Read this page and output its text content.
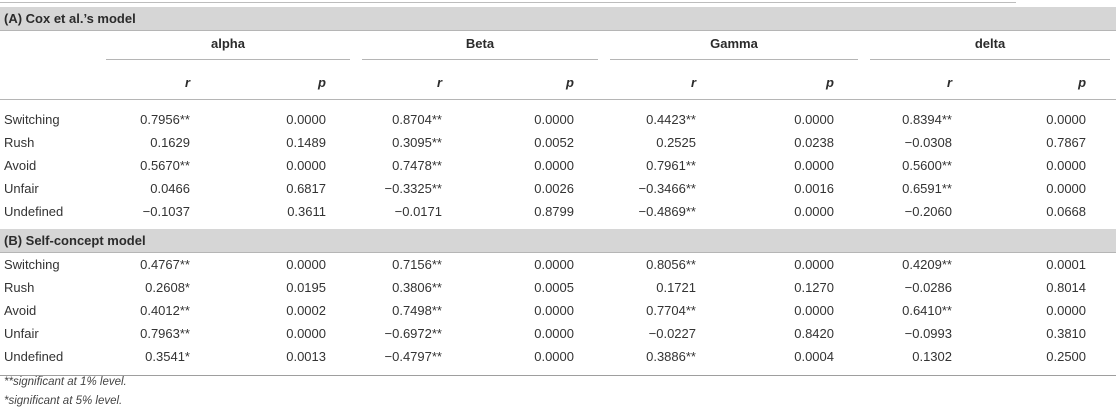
(A) Cox et al.’s model								

	alpha		Beta		Gamma		delta	

	r	p	r	p	r	p	r	p
Switching	0.7956**	0.0000	0.8704**	0.0000	0.4423**	0.0000	0.8394**	0.0000
Rush	0.1629	0.1489	0.3095**	0.0052	0.2525	0.0238	−0.0308	0.7867
Avoid	0.5670**	0.0000	0.7478**	0.0000	0.7961**	0.0000	0.5600**	0.0000
Unfair	0.0466	0.6817	−0.3325**	0.0026	−0.3466**	0.0016	0.6591**	0.0000
Undefined	−0.1037	0.3611	−0.0171	0.8799	−0.4869**	0.0000	−0.2060	0.0668
(B) Self-concept model								
Switching	0.4767**	0.0000	0.7156**	0.0000	0.8056**	0.0000	0.4209**	0.0001
Rush	0.2608*	0.0195	0.3806**	0.0005	0.1721	0.1270	−0.0286	0.8014
Avoid	0.4012**	0.0002	0.7498**	0.0000	0.7704**	0.0000	0.6410**	0.0000
Unfair	0.7963**	0.0000	−0.6972**	0.0000	−0.0227	0.8420	−0.0993	0.3810
Undefined	0.3541*	0.0013	−0.4797**	0.0000	0.3886**	0.0004	0.1302	0.2500

**significant at 1% level.
*significant at 5% level.
